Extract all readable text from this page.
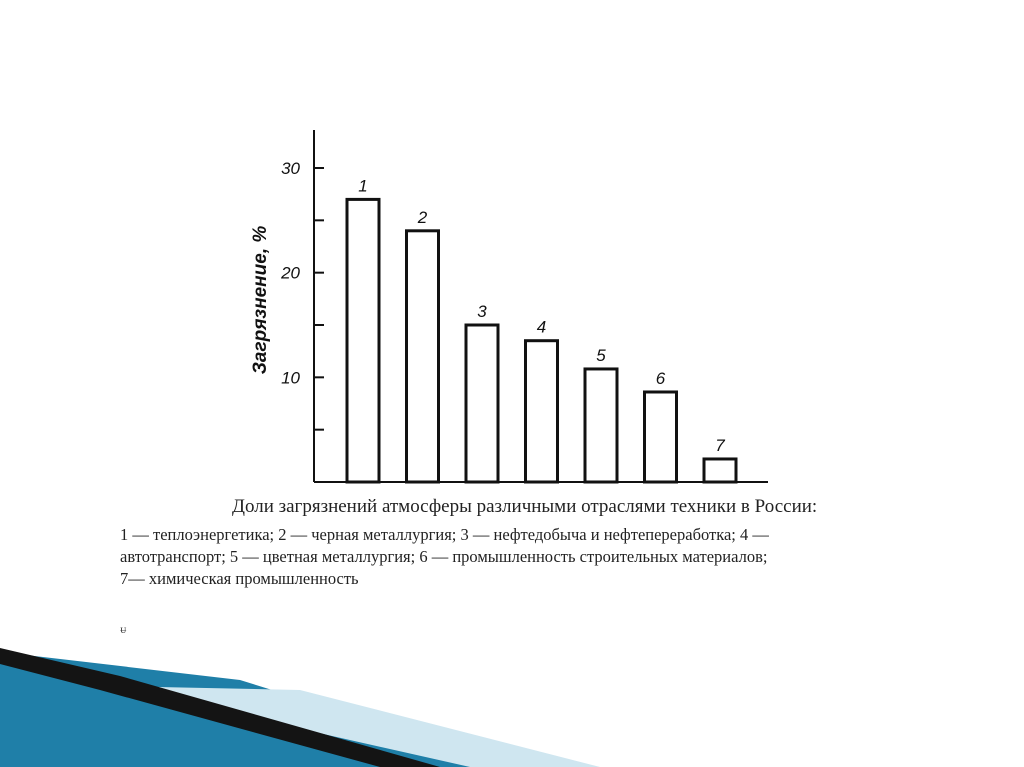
10
20
30
1
2
3
4
5
6
7
Загрязнение, %
Доли загрязнений атмосферы различными отраслями техники в России:
1 — теплоэнергетика; 2 — черная металлургия; 3 — нефтедобыча и нефтепереработка; 4 —
автотранспорт; 5 — цветная металлургия; 6 — промышленность строительных материалов;
7— химическая промышленность
ᵾ
